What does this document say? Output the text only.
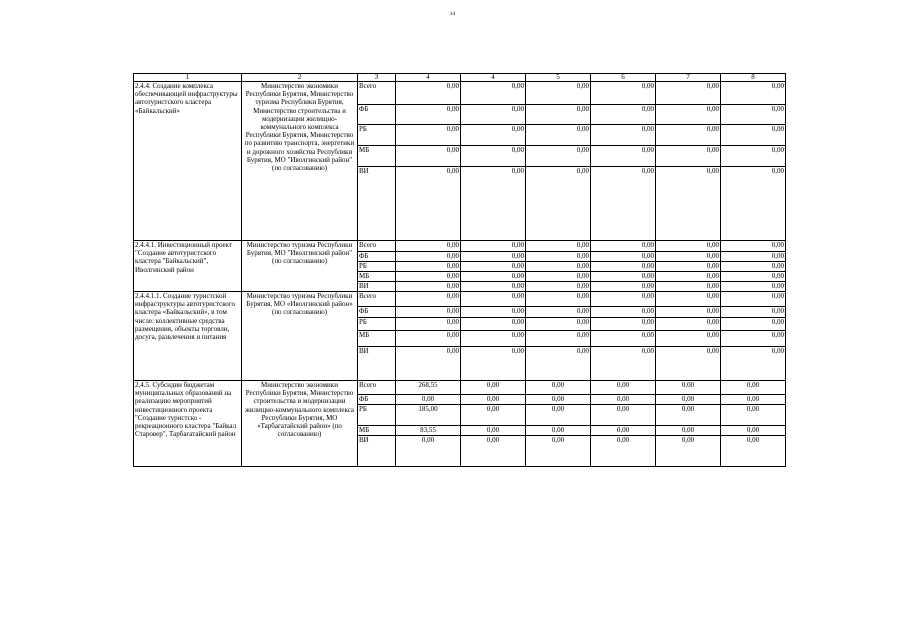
14
1	2	3	4	4	5	6	7	8
2.4.4. Создание комплекса обеспечивающей инфраструктуры автотуристского кластера «Байкальский»	Министерство экономики Республики Бурятия, Министерство туризма Республики Бурятия, Министерство строительства и модернизации жилищно-коммунального комплекса Республики Бурятия, Министерство по развитию транспорта, энергетики и дорожного хозяйства Республики Бурятия, МО "Иволгинский район" (по согласованию)	Всего	0,00	0,00	0,00	0,00	0,00	0,00
		ФБ	0,00	0,00	0,00	0,00	0,00	0,00
		РБ	0,00	0,00	0,00	0,00	0,00	0,00
		МБ	0,00	0,00	0,00	0,00	0,00	0,00
		ВИ	0,00	0,00	0,00	0,00	0,00	0,00
2.4.4.1. Инвестиционный проект "Создание автотуристского кластера "Байкальский", Иволгинский район	Министерство туризма Республики Бурятия, МО "Иволгинский район" (по согласованию)	Всего	0,00	0,00	0,00	0,00	0,00	0,00
		ФБ	0,00	0,00	0,00	0,00	0,00	0,00
		РБ	0,00	0,00	0,00	0,00	0,00	0,00
		МБ	0,00	0,00	0,00	0,00	0,00	0,00
		ВИ	0,00	0,00	0,00	0,00	0,00	0,00
2.4.4.1.1. Создание туристской инфраструктуры автотуристского кластера «Байкальский», в том числе: коллективные средства размещения, объекты торговли, досуга, развлечения и питания	Министерство туризма Республики Бурятия, МО «Иволгинский район» (по согласованию)	Всего	0,00	0,00	0,00	0,00	0,00	0,00
		ФБ	0,00	0,00	0,00	0,00	0,00	0,00
		РБ	0,00	0,00	0,00	0,00	0,00	0,00
		МБ	0,00	0,00	0,00	0,00	0,00	0,00
		ВИ	0,00	0,00	0,00	0,00	0,00	0,00
2.4.5. Субсидии бюджетам муниципальных образований на реализацию мероприятий инвестиционного проекта "Создание туристско - рекреационного кластера "Байкал Старовер", Тарбагатайский район	Министерство экономики Республики Бурятия, Министерство строительства и модернизации жилищно-коммунального комплекса Республики Бурятия, МО «Тарбагатайский район» (по согласованию)	Всего	268,55	0,00	0,00	0,00	0,00	0,00
		ФБ	0,00	0,00	0,00	0,00	0,00	0,00
		РБ	185,00	0,00	0,00	0,00	0,00	0,00
		МБ	83,55	0,00	0,00	0,00	0,00	0,00
		ВИ	0,00	0,00	0,00	0,00	0,00	0,00
